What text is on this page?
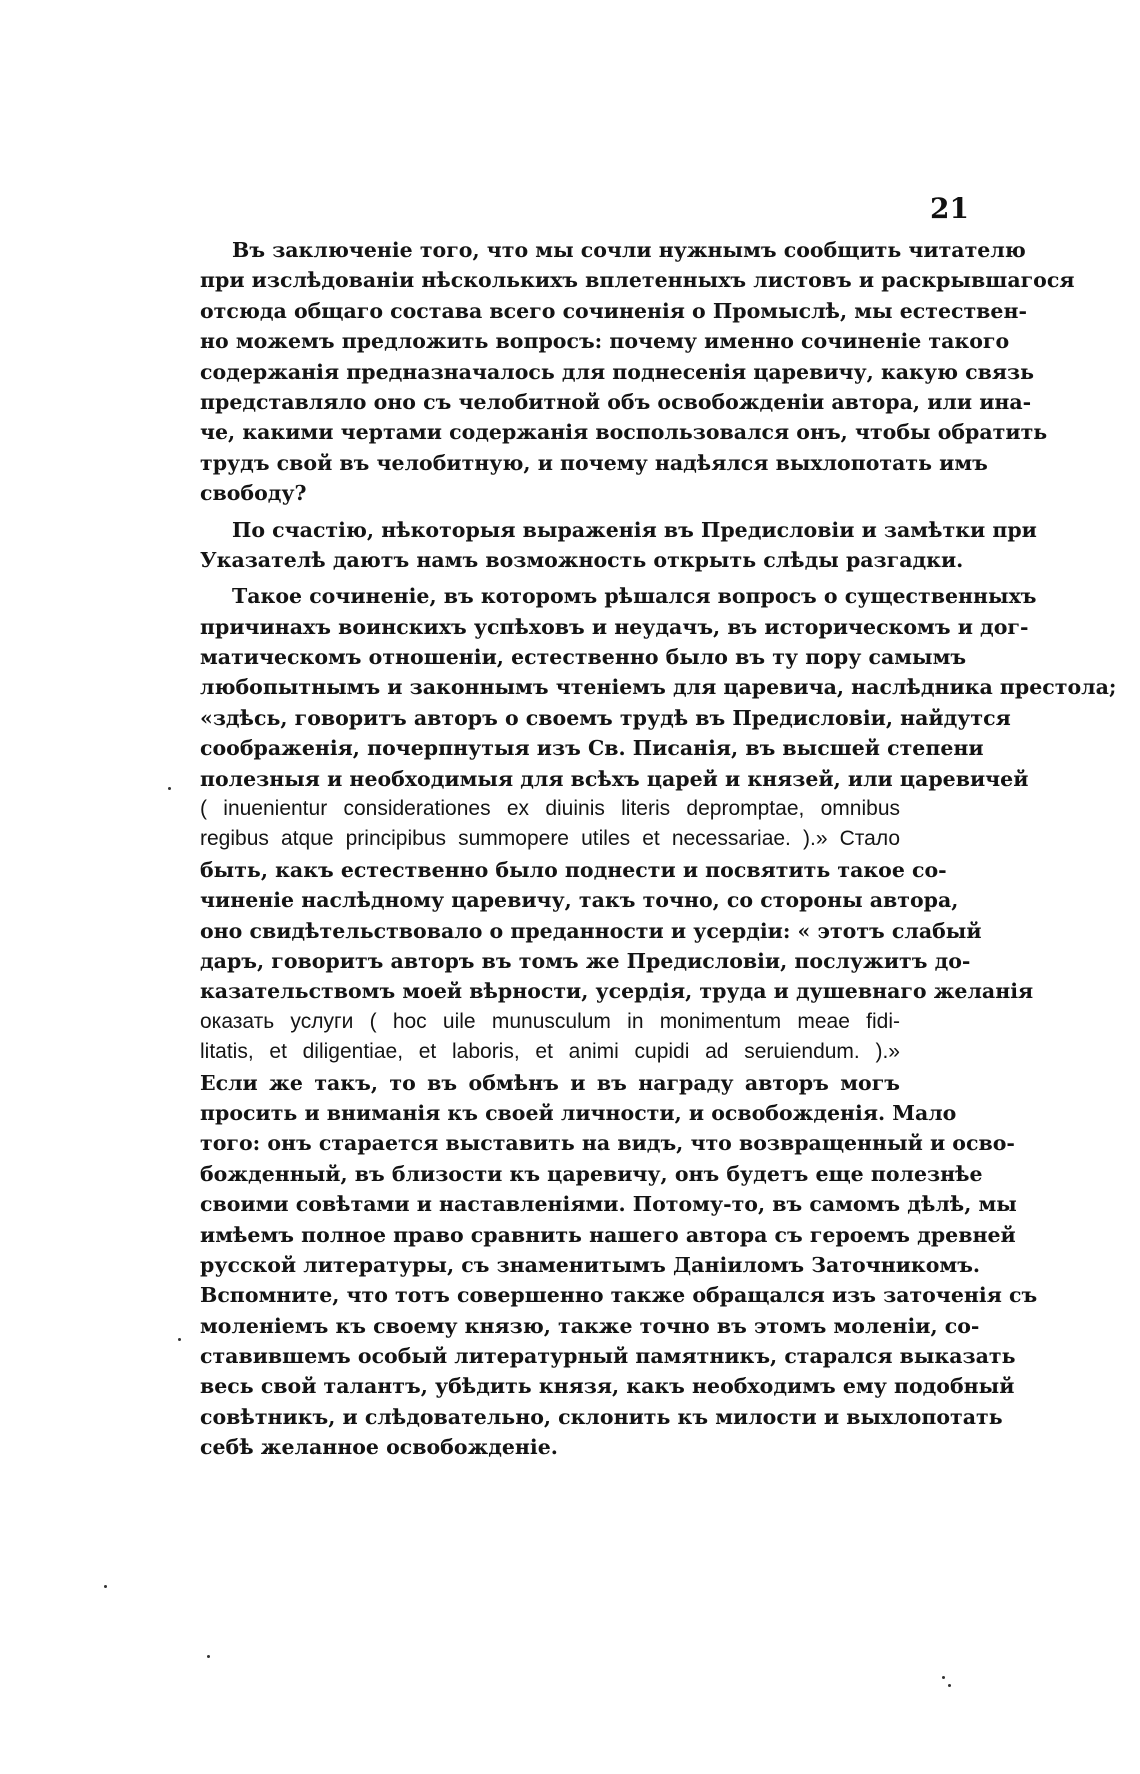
21
Въ заключеніе того, что мы сочли нужнымъ сообщить читателю
при изслѣдованіи нѣсколькихъ вплетенныхъ листовъ и раскрывшагося
отсюда общаго состава всего сочиненія о Промыслѣ, мы естествен-
но можемъ предложить вопросъ: почему именно сочиненіе такого
содержанія предназначалось для поднесенія царевичу, какую связь
представляло оно съ челобитной объ освобожденіи автора, или ина-
че, какими чертами содержанія воспользовался онъ, чтобы обратить
трудъ свой въ челобитную, и почему надѣялся выхлопотать имъ
свободу?
По счастію, нѣкоторыя выраженія въ Предисловіи и замѣтки при
Указателѣ даютъ намъ возможность открыть слѣды разгадки.
Такое сочиненіе, въ которомъ рѣшался вопросъ о существенныхъ
причинахъ воинскихъ успѣховъ и неудачъ, въ историческомъ и дог-
матическомъ отношеніи, естественно было въ ту пору самымъ
любопытнымъ и законнымъ чтеніемъ для царевича, наслѣдника престола;
«здѣсь, говоритъ авторъ о своемъ трудѣ въ Предисловіи, найдутся
соображенія, почерпнутыя изъ Св. Писанія, въ высшей степени
полезныя и необходимыя для всѣхъ царей и князей, или царевичей
( inuenientur considerationes ex diuinis literis depromptae, omnibus
regibus atque principibus summopere utiles et necessariae. ).» Стало
быть, какъ естественно было поднести и посвятить такое со-
чиненіе наслѣдному царевичу, такъ точно, со стороны автора,
оно свидѣтельствовало о преданности и усердіи: « этотъ слабый
даръ, говоритъ авторъ въ томъ же Предисловіи, послужитъ до-
казательствомъ моей вѣрности, усердія, труда и душевнаго желанія
оказать услуги ( hoc uile munusculum in monimentum meae fidi-
litatis, et diligentiae, et laboris, et animi cupidi ad seruiendum. ).»
Если же такъ, то въ обмѣнъ и въ награду авторъ могъ
просить и вниманія къ своей личности, и освобожденія. Мало
того: онъ старается выставить на видъ, что возвращенный и осво-
божденный, въ близости къ царевичу, онъ будетъ еще полезнѣе
своими совѣтами и наставленіями. Потому-то, въ самомъ дѣлѣ, мы
имѣемъ полное право сравнить нашего автора съ героемъ древней
русской литературы, съ знаменитымъ Даніиломъ Заточникомъ.
Вспомните, что тотъ совершенно также обращался изъ заточенія съ
моленіемъ къ своему князю, также точно въ этомъ моленіи, со-
ставившемъ особый литературный памятникъ, старался выказать
весь свой талантъ, убѣдить князя, какъ необходимъ ему подобный
совѣтникъ, и слѣдовательно, склонить къ милости и выхлопотать
себѣ желанное освобожденіе.
